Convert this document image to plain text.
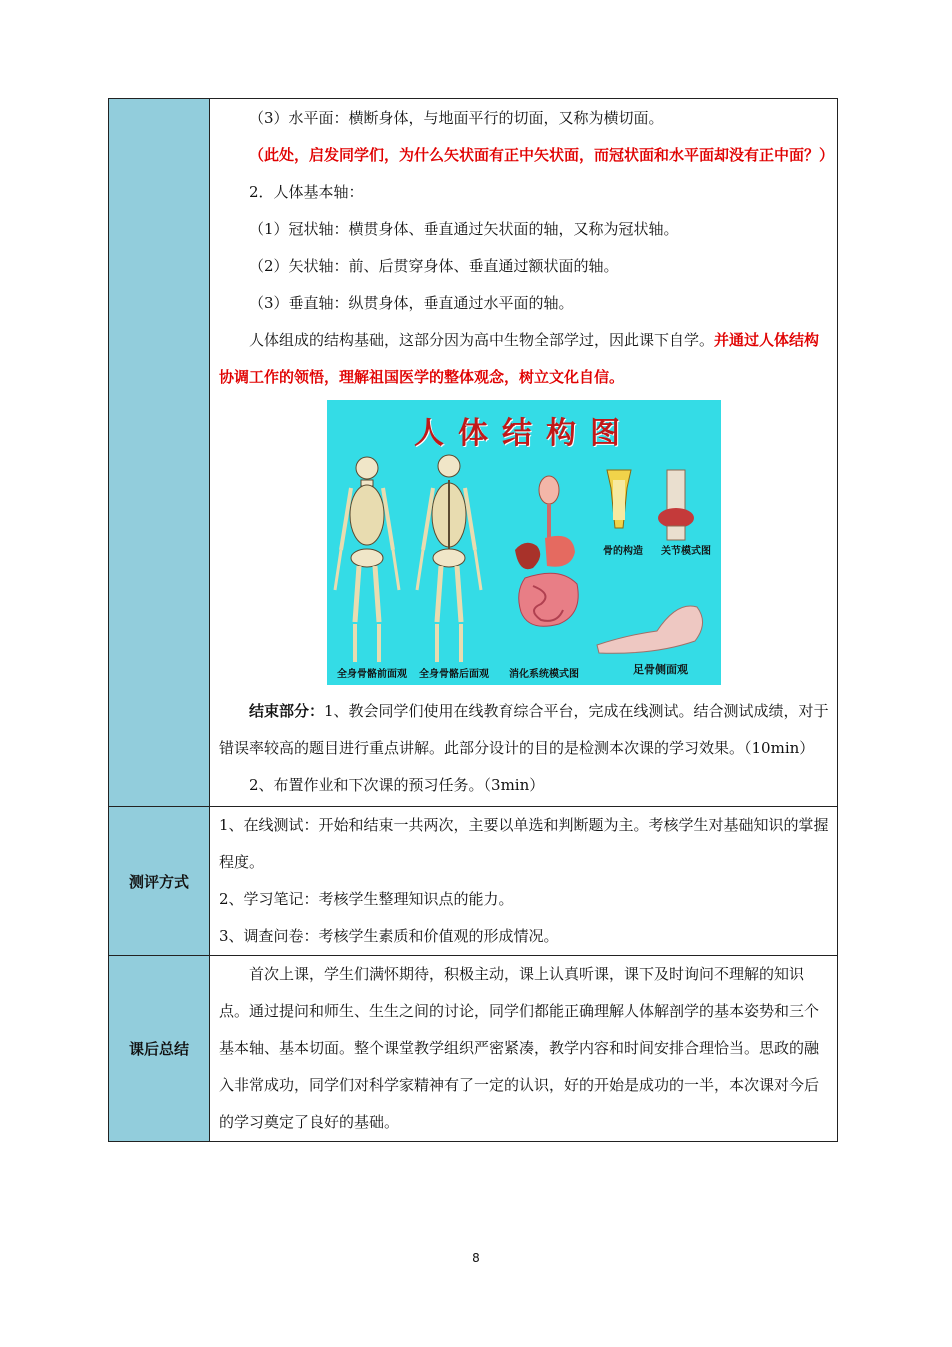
（3）水平面：横断身体，与地面平行的切面，又称为横切面。

（此处，启发同学们，为什么矢状面有正中矢状面，而冠状面和水平面却没有正中面？）

2．人体基本轴：

（1）冠状轴：横贯身体、垂直通过矢状面的轴，又称为冠状轴。

（2）矢状轴：前、后贯穿身体、垂直通过额状面的轴。

（3）垂直轴：纵贯身体，垂直通过水平面的轴。

人体组成的结构基础，这部分因为高中生物全部学过，因此课下自学。并通过人体结构协调工作的领悟，理解祖国医学的整体观念，树立文化自信。

人体结构图
全身骨骼前面观 全身骨骼后面观 消化系统模式图
骨的构造 关节模式图
足骨侧面观

结束部分：1、教会同学们使用在线教育综合平台，完成在线测试。结合测试成绩，对于错误率较高的题目进行重点讲解。此部分设计的目的是检测本次课的学习效果。（10min）

2、布置作业和下次课的预习任务。（3min）

测评方式

1、在线测试：开始和结束一共两次，主要以单选和判断题为主。考核学生对基础知识的掌握程度。

2、学习笔记：考核学生整理知识点的能力。

3、调查问卷：考核学生素质和价值观的形成情况。

课后总结

首次上课，学生们满怀期待，积极主动，课上认真听课，课下及时询问不理解的知识点。通过提问和师生、生生之间的讨论，同学们都能正确理解人体解剖学的基本姿势和三个基本轴、基本切面。整个课堂教学组织严密紧凑，教学内容和时间安排合理恰当。思政的融入非常成功，同学们对科学家精神有了一定的认识，好的开始是成功的一半，本次课对今后的学习奠定了良好的基础。

8
